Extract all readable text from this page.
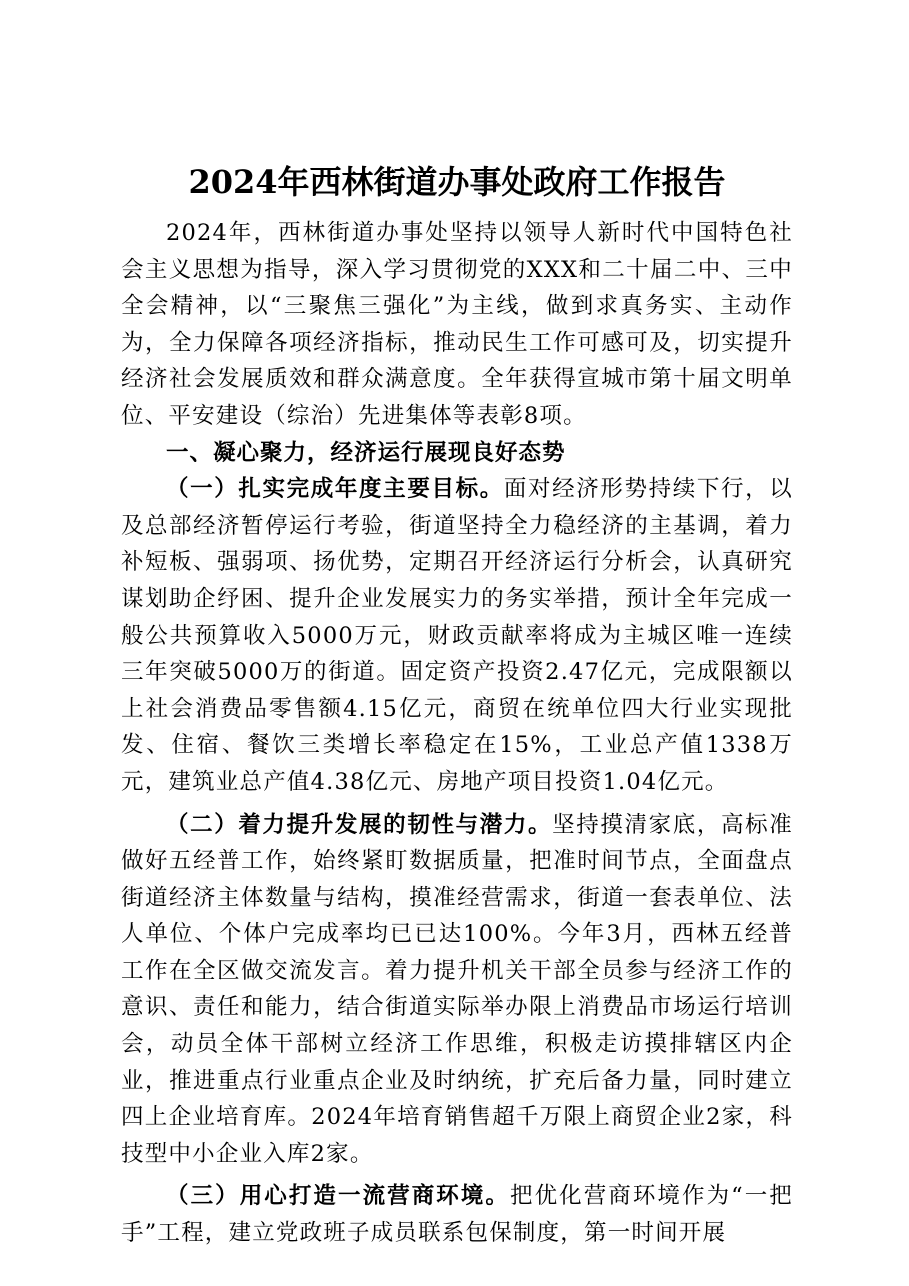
2024年西林街道办事处政府工作报告

2024年，西林街道办事处坚持以领导人新时代中国特色社会主义思想为指导，深入学习贯彻党的XXX和二十届二中、三中全会精神，以“三聚焦三强化”为主线，做到求真务实、主动作为，全力保障各项经济指标，推动民生工作可感可及，切实提升经济社会发展质效和群众满意度。全年获得宣城市第十届文明单位、平安建设（综治）先进集体等表彰8项。

一、凝心聚力，经济运行展现良好态势

（一）扎实完成年度主要目标。面对经济形势持续下行，以及总部经济暂停运行考验，街道坚持全力稳经济的主基调，着力补短板、强弱项、扬优势，定期召开经济运行分析会，认真研究谋划助企纾困、提升企业发展实力的务实举措，预计全年完成一般公共预算收入5000万元，财政贡献率将成为主城区唯一连续三年突破5000万的街道。固定资产投资2.47亿元，完成限额以上社会消费品零售额4.15亿元，商贸在统单位四大行业实现批发、住宿、餐饮三类增长率稳定在15%，工业总产值1338万元，建筑业总产值4.38亿元、房地产项目投资1.04亿元。

（二）着力提升发展的韧性与潜力。坚持摸清家底，高标准做好五经普工作，始终紧盯数据质量，把准时间节点，全面盘点街道经济主体数量与结构，摸准经营需求，街道一套表单位、法人单位、个体户完成率均已已达100%。今年3月，西林五经普工作在全区做交流发言。着力提升机关干部全员参与经济工作的意识、责任和能力，结合街道实际举办限上消费品市场运行培训会，动员全体干部树立经济工作思维，积极走访摸排辖区内企业，推进重点行业重点企业及时纳统，扩充后备力量，同时建立四上企业培育库。2024年培育销售超千万限上商贸企业2家，科技型中小企业入库2家。

（三）用心打造一流营商环境。把优化营商环境作为“一把手”工程，建立党政班子成员联系包保制度，第一时间开展
